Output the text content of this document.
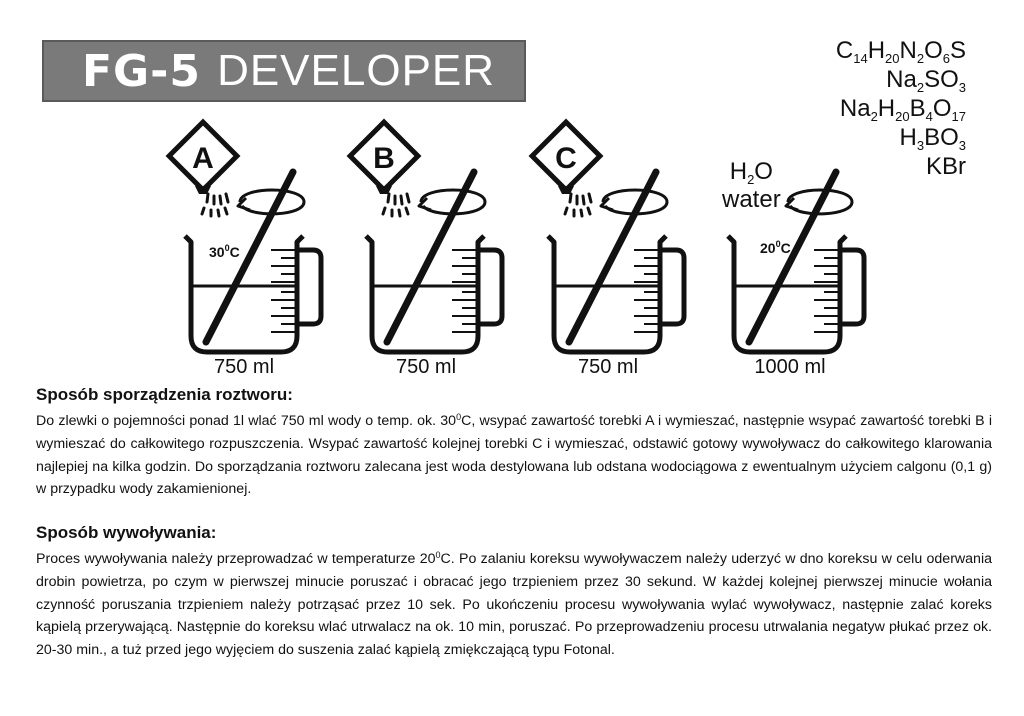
FG-5 DEVELOPER	$C_{14}H_{20}N_2O_6S$
$Na_2SO_3$
$Na_2H_{20}B_4O_{17}$
$H_3BO_3$
KBr
A	B	C
$30^0C$	$20^0C$
$H_2O$
water
750 ml	750 ml	750 ml	1000 ml
Sposób sporządzenia roztworu:

Do zlewki o pojemności ponad 1l wlać 750 ml wody o temp. ok. $30^0C$, wsypać zawartość torebki A i wymieszać, następnie wsypać zawartość torebki B i wymieszać do całkowitego rozpuszczenia. Wsypać zawartość kolejnej torebki C i wymieszać, odstawić gotowy wywoływacz do całkowitego klarowania najlepiej na kilka godzin. Do sporządzania roztworu zalecana jest woda destylowana lub odstana wodociągowa z ewentualnym użyciem calgonu (0,1 g) w przypadku wody zakamienionej.

Sposób wywoływania:

Proces wywoływania należy przeprowadzać w temperaturze $20^0C$. Po zalaniu koreksu wywoływaczem należy uderzyć w dno koreksu w celu oderwania drobin powietrza, po czym w pierwszej minucie poruszać i obracać jego trzpieniem przez 30 sekund. W każdej kolejnej pierwszej minucie wołania czynność poruszania trzpieniem należy potrząsać przez 10 sek. Po ukończeniu procesu wywoływania wylać wywoływacz, następnie zalać koreks kąpielą przerywającą. Następnie do koreksu wlać utrwalacz na ok. 10 min, poruszać. Po przeprowadzeniu procesu utrwalania negatyw płukać przez ok. 20-30 min., a tuż przed jego wyjęciem do suszenia zalać kąpielą zmiękczającą typu Fotonal.
